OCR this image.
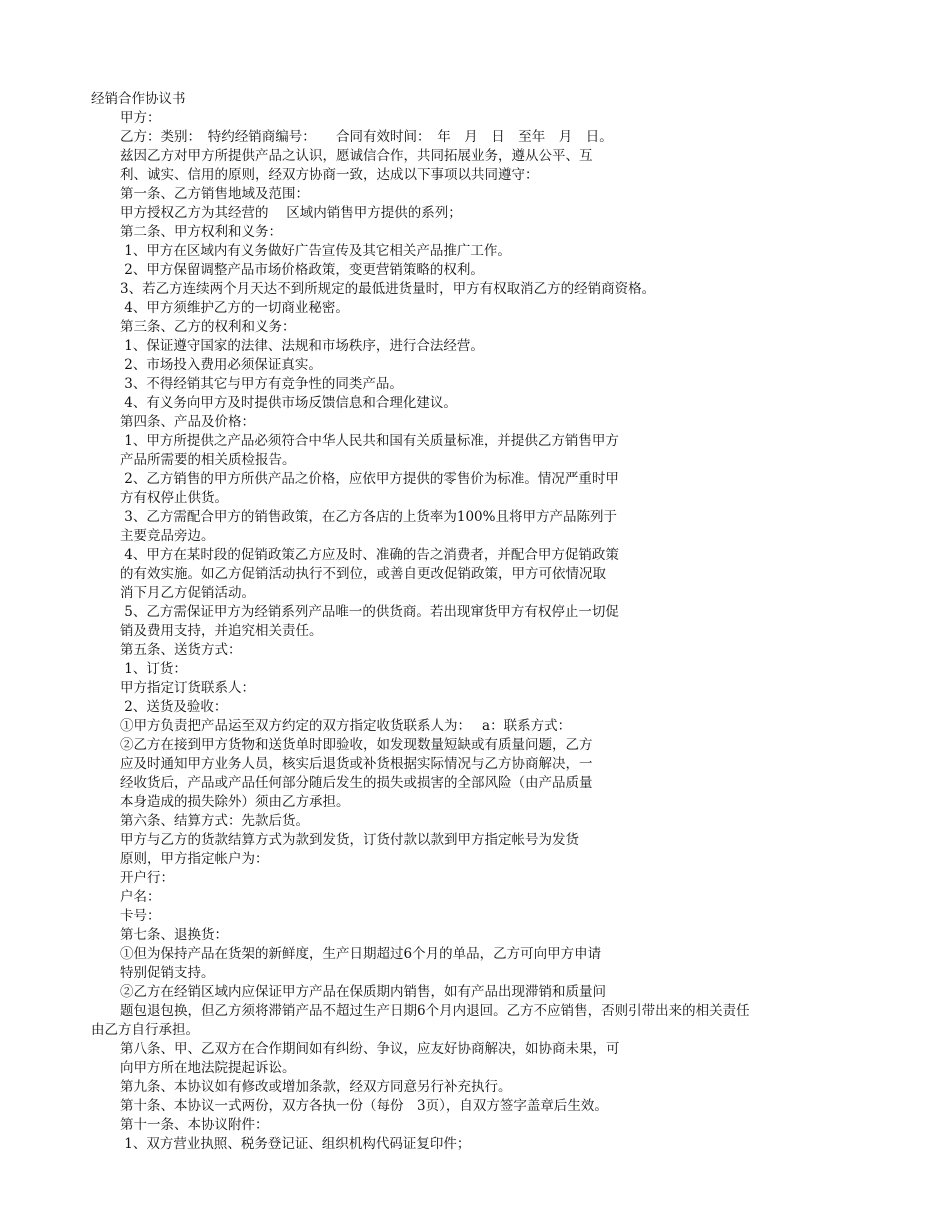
经销合作协议书
甲方：
乙方：类别：　特约经销商编号：　　合同有效时间：　年　月　日　至年　月　日。
兹因乙方对甲方所提供产品之认识，愿诚信合作，共同拓展业务，遵从公平、互
利、诚实、信用的原则，经双方协商一致，达成以下事项以共同遵守：
第一条、乙方销售地域及范围：
甲方授权乙方为其经营的　 区域内销售甲方提供的系列；
第二条、甲方权利和义务：
1、甲方在区域内有义务做好广告宣传及其它相关产品推广工作。
2、甲方保留调整产品市场价格政策，变更营销策略的权利。
3、若乙方连续两个月天达不到所规定的最低进货量时，甲方有权取消乙方的经销商资格。
4、甲方须维护乙方的一切商业秘密。
第三条、乙方的权利和义务：
1、保证遵守国家的法律、法规和市场秩序，进行合法经营。
2、市场投入费用必须保证真实。
3、不得经销其它与甲方有竞争性的同类产品。
4、有义务向甲方及时提供市场反馈信息和合理化建议。
第四条、产品及价格：
1、甲方所提供之产品必须符合中华人民共和国有关质量标准，并提供乙方销售甲方
产品所需要的相关质检报告。
2、乙方销售的甲方所供产品之价格，应依甲方提供的零售价为标准。情况严重时甲
方有权停止供货。
3、乙方需配合甲方的销售政策，在乙方各店的上货率为100%且将甲方产品陈列于
主要竞品旁边。
4、甲方在某时段的促销政策乙方应及时、准确的告之消费者，并配合甲方促销政策
的有效实施。如乙方促销活动执行不到位，或善自更改促销政策，甲方可依情况取
消下月乙方促销活动。
5、乙方需保证甲方为经销系列产品唯一的供货商。若出现窜货甲方有权停止一切促
销及费用支持，并追究相关责任。
第五条、送货方式：
1、订货：
甲方指定订货联系人：
2、送货及验收：
①甲方负责把产品运至双方约定的双方指定收货联系人为：　 a：联系方式：
②乙方在接到甲方货物和送货单时即验收，如发现数量短缺或有质量问题，乙方
应及时通知甲方业务人员，核实后退货或补货根据实际情况与乙方协商解决，一
经收货后，产品或产品任何部分随后发生的损失或损害的全部风险（由产品质量
本身造成的损失除外）须由乙方承担。
第六条、结算方式：先款后货。
甲方与乙方的货款结算方式为款到发货，订货付款以款到甲方指定帐号为发货
原则，甲方指定帐户为：
开户行：
户名：
卡号：
第七条、退换货：
①但为保持产品在货架的新鲜度，生产日期超过6个月的单品，乙方可向甲方申请
特别促销支持。
②乙方在经销区域内应保证甲方产品在保质期内销售，如有产品出现滞销和质量问
题包退包换，但乙方须将滞销产品不超过生产日期6个月内退回。乙方不应销售，否则引带出来的相关责任
由乙方自行承担。
第八条、甲、乙双方在合作期间如有纠纷、争议，应友好协商解决，如协商未果，可
向甲方所在地法院提起诉讼。
第九条、本协议如有修改或增加条款，经双方同意另行补充执行。
第十条、本协议一式两份，双方各执一份（每份　3页），自双方签字盖章后生效。
第十一条、本协议附件：
1、双方营业执照、税务登记证、组织机构代码证复印件；
